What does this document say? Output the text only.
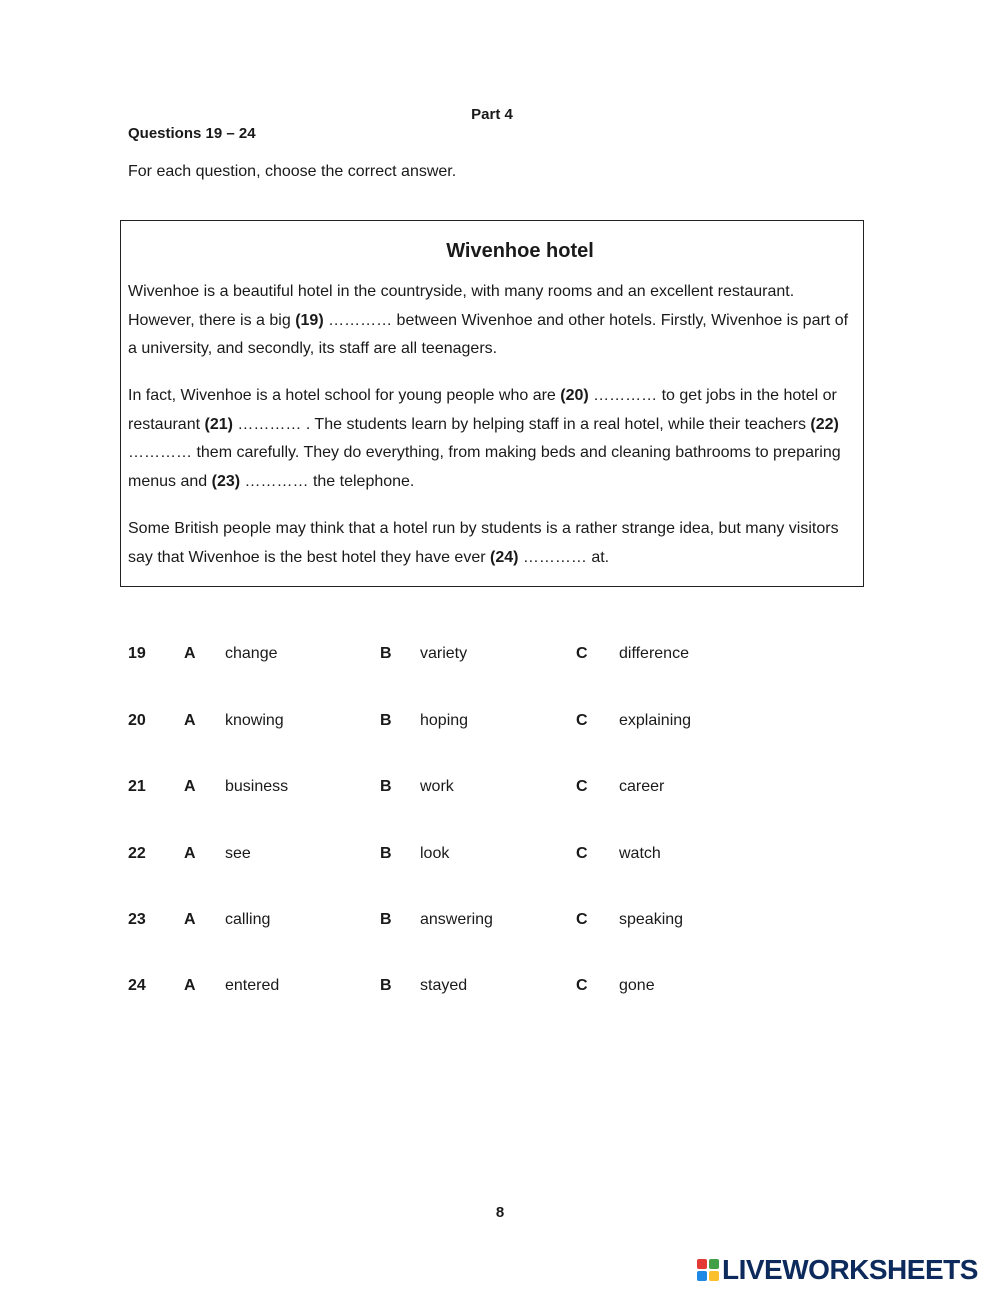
Part 4
Questions 19 – 24
For each question, choose the correct answer.
Wivenhoe hotel

Wivenhoe is a beautiful hotel in the countryside, with many rooms and an excellent restaurant. However, there is a big (19) ………… between Wivenhoe and other hotels. Firstly, Wivenhoe is part of a university, and secondly, its staff are all teenagers.

In fact, Wivenhoe is a hotel school for young people who are (20) ………… to get jobs in the hotel or restaurant (21) ………… . The students learn by helping staff in a real hotel, while their teachers (22) ………… them carefully. They do everything, from making beds and cleaning bathrooms to preparing menus and (23) ………… the telephone.

Some British people may think that a hotel run by students is a rather strange idea, but many visitors say that Wivenhoe is the best hotel they have ever (24) ………… at.

19 A change	B variety	C difference
20 A knowing	B hoping	C explaining
21 A business	B work	C career
22 A see	B look	C watch
23 A calling	B answering	C speaking
24 A entered	B stayed	C gone
8
LIVEWORKSHEETS
